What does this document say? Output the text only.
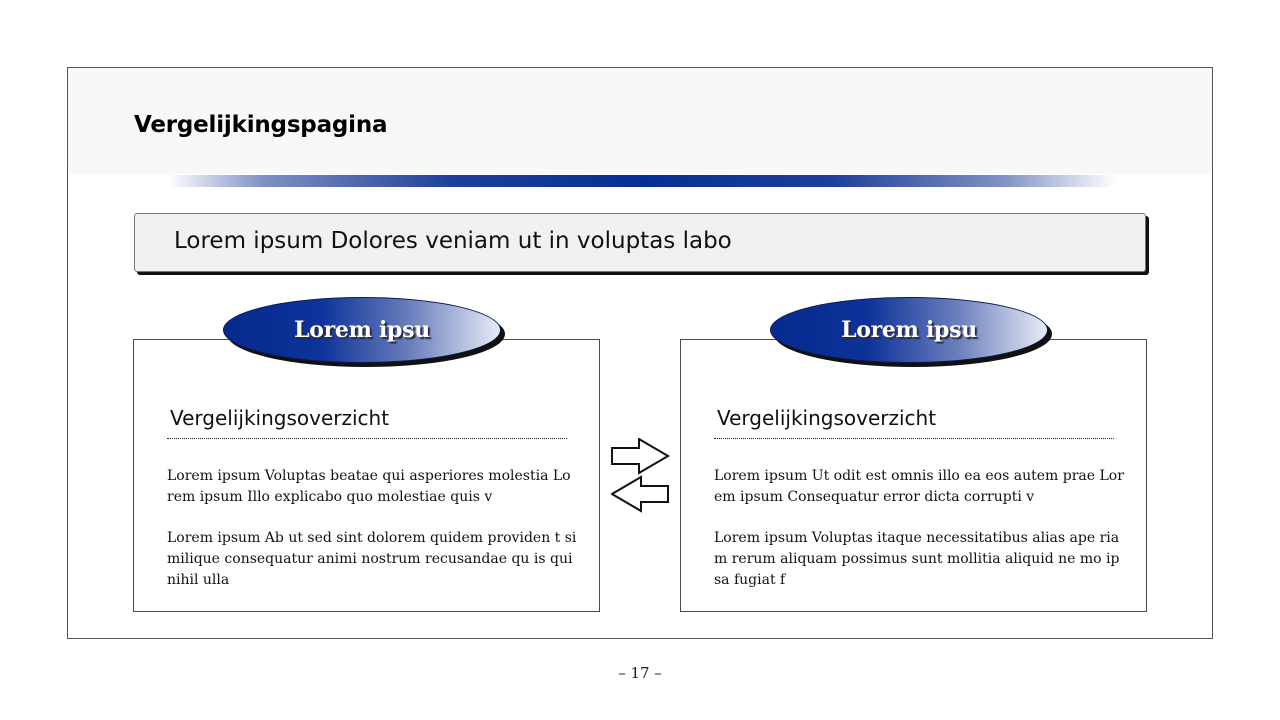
Vergelijkingspagina
Lorem ipsum Dolores veniam ut in voluptas labo
Vergelijkingsoverzicht
Lorem ipsum Voluptas beatae qui asperiores molestia Lorem ipsum Illo explicabo quo molestiae quis v
Lorem ipsum Ab ut sed sint dolorem quidem providen t similique consequatur animi nostrum recusandae qu is qui nihil ulla
Vergelijkingsoverzicht
Lorem ipsum Ut odit est omnis illo ea eos autem prae Lorem ipsum Consequatur error dicta corrupti v
Lorem ipsum Voluptas itaque necessitatibus alias ape riam rerum aliquam possimus sunt mollitia aliquid ne mo ipsa fugiat f
Lorem ipsu	Lorem ipsu
– 17 –
